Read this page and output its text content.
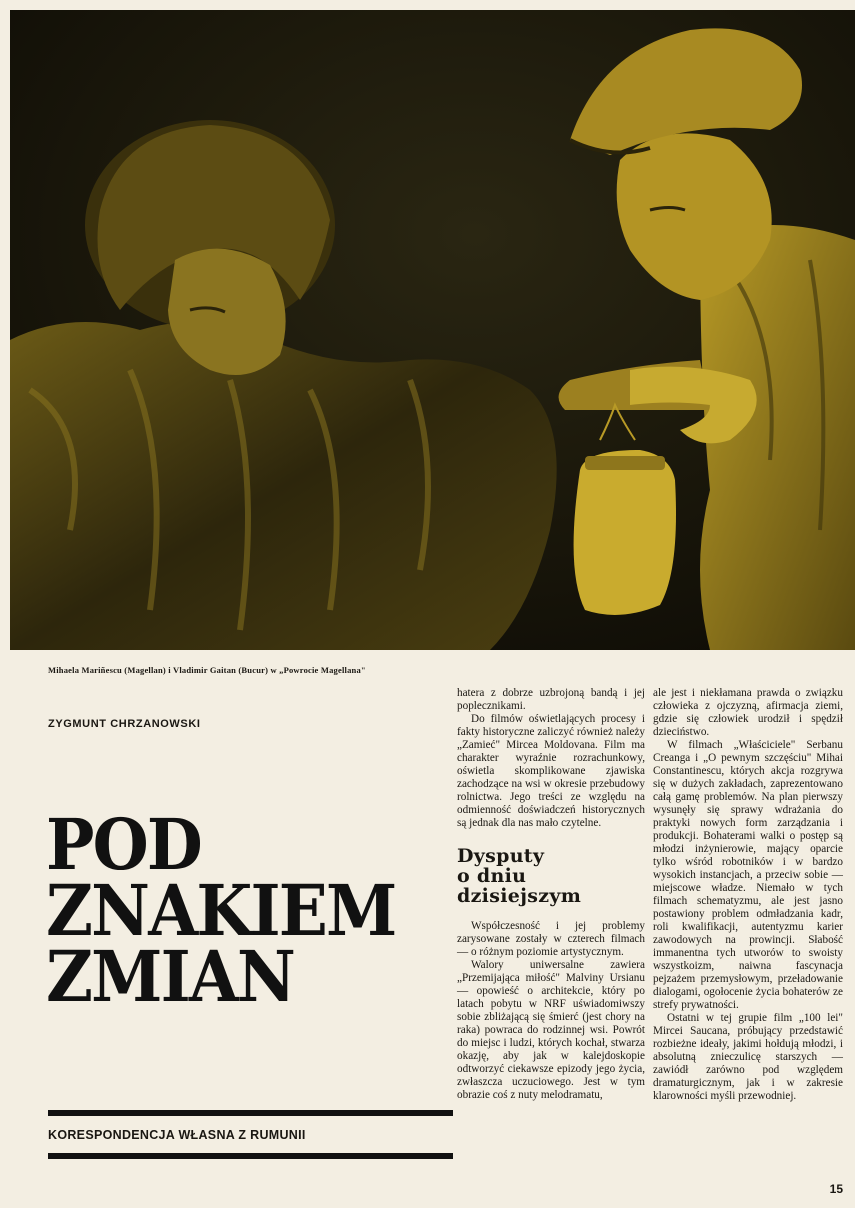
Mihaela Mariñescu (Magellan) i Vladimir Gaitan (Bucur) w „Powrocie Magellana"
ZYGMUNT CHRZANOWSKI
POD
ZNAKIEM
ZMIAN
KORESPONDENCJA WŁASNA Z RUMUNII

hatera z dobrze uzbrojoną bandą i jej poplecznikami.

Do filmów oświetlających procesy i fakty historyczne zaliczyć również należy „Zamieć" Mircea Moldovana. Film ma charakter wyraźnie rozrachunkowy, oświetla skomplikowane zjawiska zachodzące na wsi w okresie przebudowy rolnictwa. Jego treści ze względu na odmienność doświadczeń historycznych są jednak dla nas mało czytelne.

Dysputy
o dniu
dzisiejszym

Współczesność i jej problemy zarysowane zostały w czterech filmach — o różnym poziomie artystycznym.

Walory uniwersalne zawiera „Przemijająca miłość" Malviny Ursianu — opowieść o architekcie, który po latach pobytu w NRF uświadomiwszy sobie zbliżającą się śmierć (jest chory na raka) powraca do rodzinnej wsi. Powrót do miejsc i ludzi, których kochał, stwarza okazję, aby jak w kalejdoskopie odtworzyć ciekawsze epizody jego życia, zwłaszcza uczuciowego. Jest w tym obrazie coś z nuty melodramatu,

ale jest i niekłamana prawda o związku człowieka z ojczyzną, afirmacja ziemi, gdzie się człowiek urodził i spędził dzieciństwo.

W filmach „Właściciele" Serbanu Creanga i „O pewnym szczęściu" Mihai Constantinescu, których akcja rozgrywa się w dużych zakładach, zaprezentowano całą gamę problemów. Na plan pierwszy wysunęły się sprawy wdrażania do praktyki nowych form zarządzania i produkcji. Bohaterami walki o postęp są młodzi inżynierowie, mający oparcie tylko wśród robotników i w bardzo wysokich instancjach, a przeciw sobie — miejscowe władze. Niemało w tych filmach schematyzmu, ale jest jasno postawiony problem odmładzania kadr, roli kwalifikacji, autentyzmu karier zawodowych na prowincji. Słabość immanentna tych utworów to swoisty wszystkoizm, naiwna fascynacja pejzażem przemysłowym, przeładowanie dialogami, ogołocenie życia bohaterów ze strefy prywatności.

Ostatni w tej grupie film „100 lei" Mircei Saucana, próbujący przedstawić rozbieżne ideały, jakimi hołdują młodzi, i absolutną znieczulicę starszych — zawiódł zarówno pod względem dramaturgicznym, jak i w zakresie klarowności myśli przewodniej.

15
